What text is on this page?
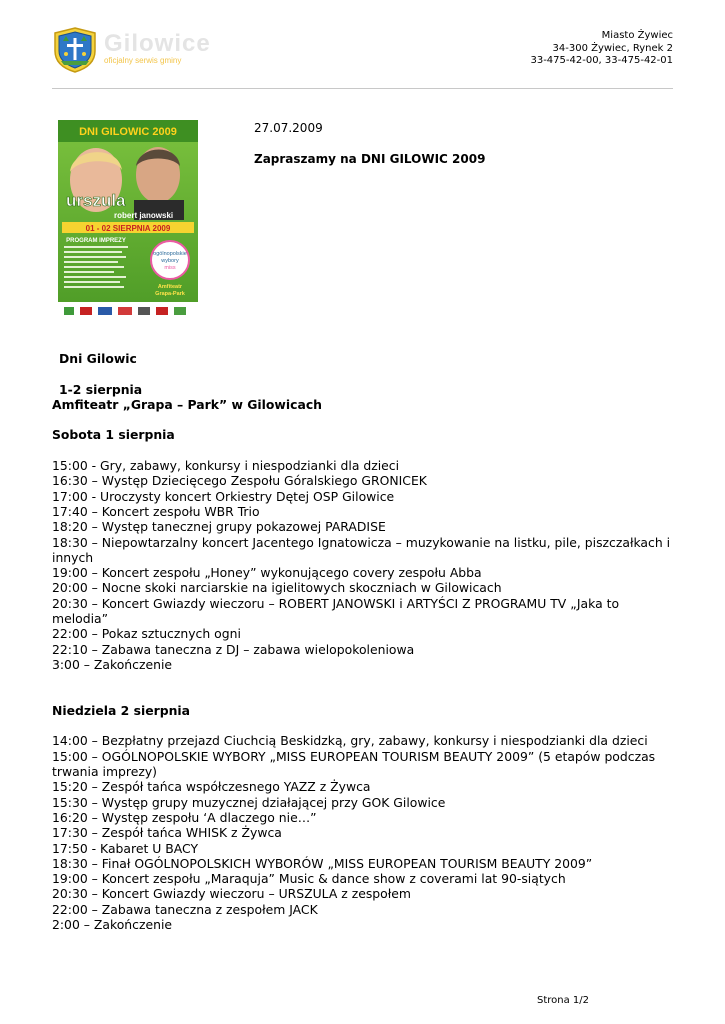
Gilowice
oficjalny serwis gminy
Miasto Żywiec
34-300 Żywiec, Rynek 2
33-475-42-00, 33-475-42-01
DNI GILOWIC 2009
urszula
robert janowski
01 - 02 SIERPNIA 2009
PROGRAM IMPREZY
ogólnopolskie
wybory
miss
Amfiteatr
Grapa-Park
27.07.2009
Zapraszamy na DNI GILOWIC 2009

Dni Gilowic

1-2 sierpnia

Amfiteatr „Grapa – Park” w Gilowicach

Sobota 1 sierpnia

15:00 - Gry, zabawy, konkursy i niespodzianki dla dzieci

16:30 – Występ Dziecięcego Zespołu Góralskiego GRONICEK

17:00 - Uroczysty koncert Orkiestry Dętej OSP Gilowice

17:40 – Koncert zespołu WBR Trio

18:20 – Występ tanecznej grupy pokazowej PARADISE

18:30 – Niepowtarzalny koncert Jacentego Ignatowicza – muzykowanie na listku, pile, piszczałkach i innych

19:00 – Koncert zespołu „Honey” wykonującego covery zespołu Abba

20:00 – Nocne skoki narciarskie na igielitowych skoczniach w Gilowicach

20:30 – Koncert Gwiazdy wieczoru – ROBERT JANOWSKI i ARTYŚCI Z PROGRAMU TV „Jaka to melodia”

22:00 – Pokaz sztucznych ogni

22:10 – Zabawa taneczna z DJ – zabawa wielopokoleniowa

3:00 – Zakończenie

Niedziela 2 sierpnia

14:00 – Bezpłatny przejazd Ciuchcią Beskidzką, gry, zabawy, konkursy i niespodzianki dla dzieci

15:00 – OGÓLNOPOLSKIE WYBORY „MISS EUROPEAN TOURISM BEAUTY 2009” (5 etapów podczas trwania imprezy)

15:20 – Zespół tańca współczesnego YAZZ z Żywca

15:30 – Występ grupy muzycznej działającej przy GOK Gilowice

16:20 – Występ zespołu ‘A dlaczego nie…”

17:30 – Zespół tańca WHISK z Żywca

17:50 - Kabaret U BACY

18:30 – Finał OGÓLNOPOLSKICH WYBORÓW „MISS EUROPEAN TOURISM BEAUTY 2009”

19:00 – Koncert zespołu „Maraquja” Music & dance show z coverami lat 90-siątych

20:30 – Koncert Gwiazdy wieczoru – URSZULA z zespołem

22:00 – Zabawa taneczna z zespołem JACK

2:00 – Zakończenie

Strona 1/2
